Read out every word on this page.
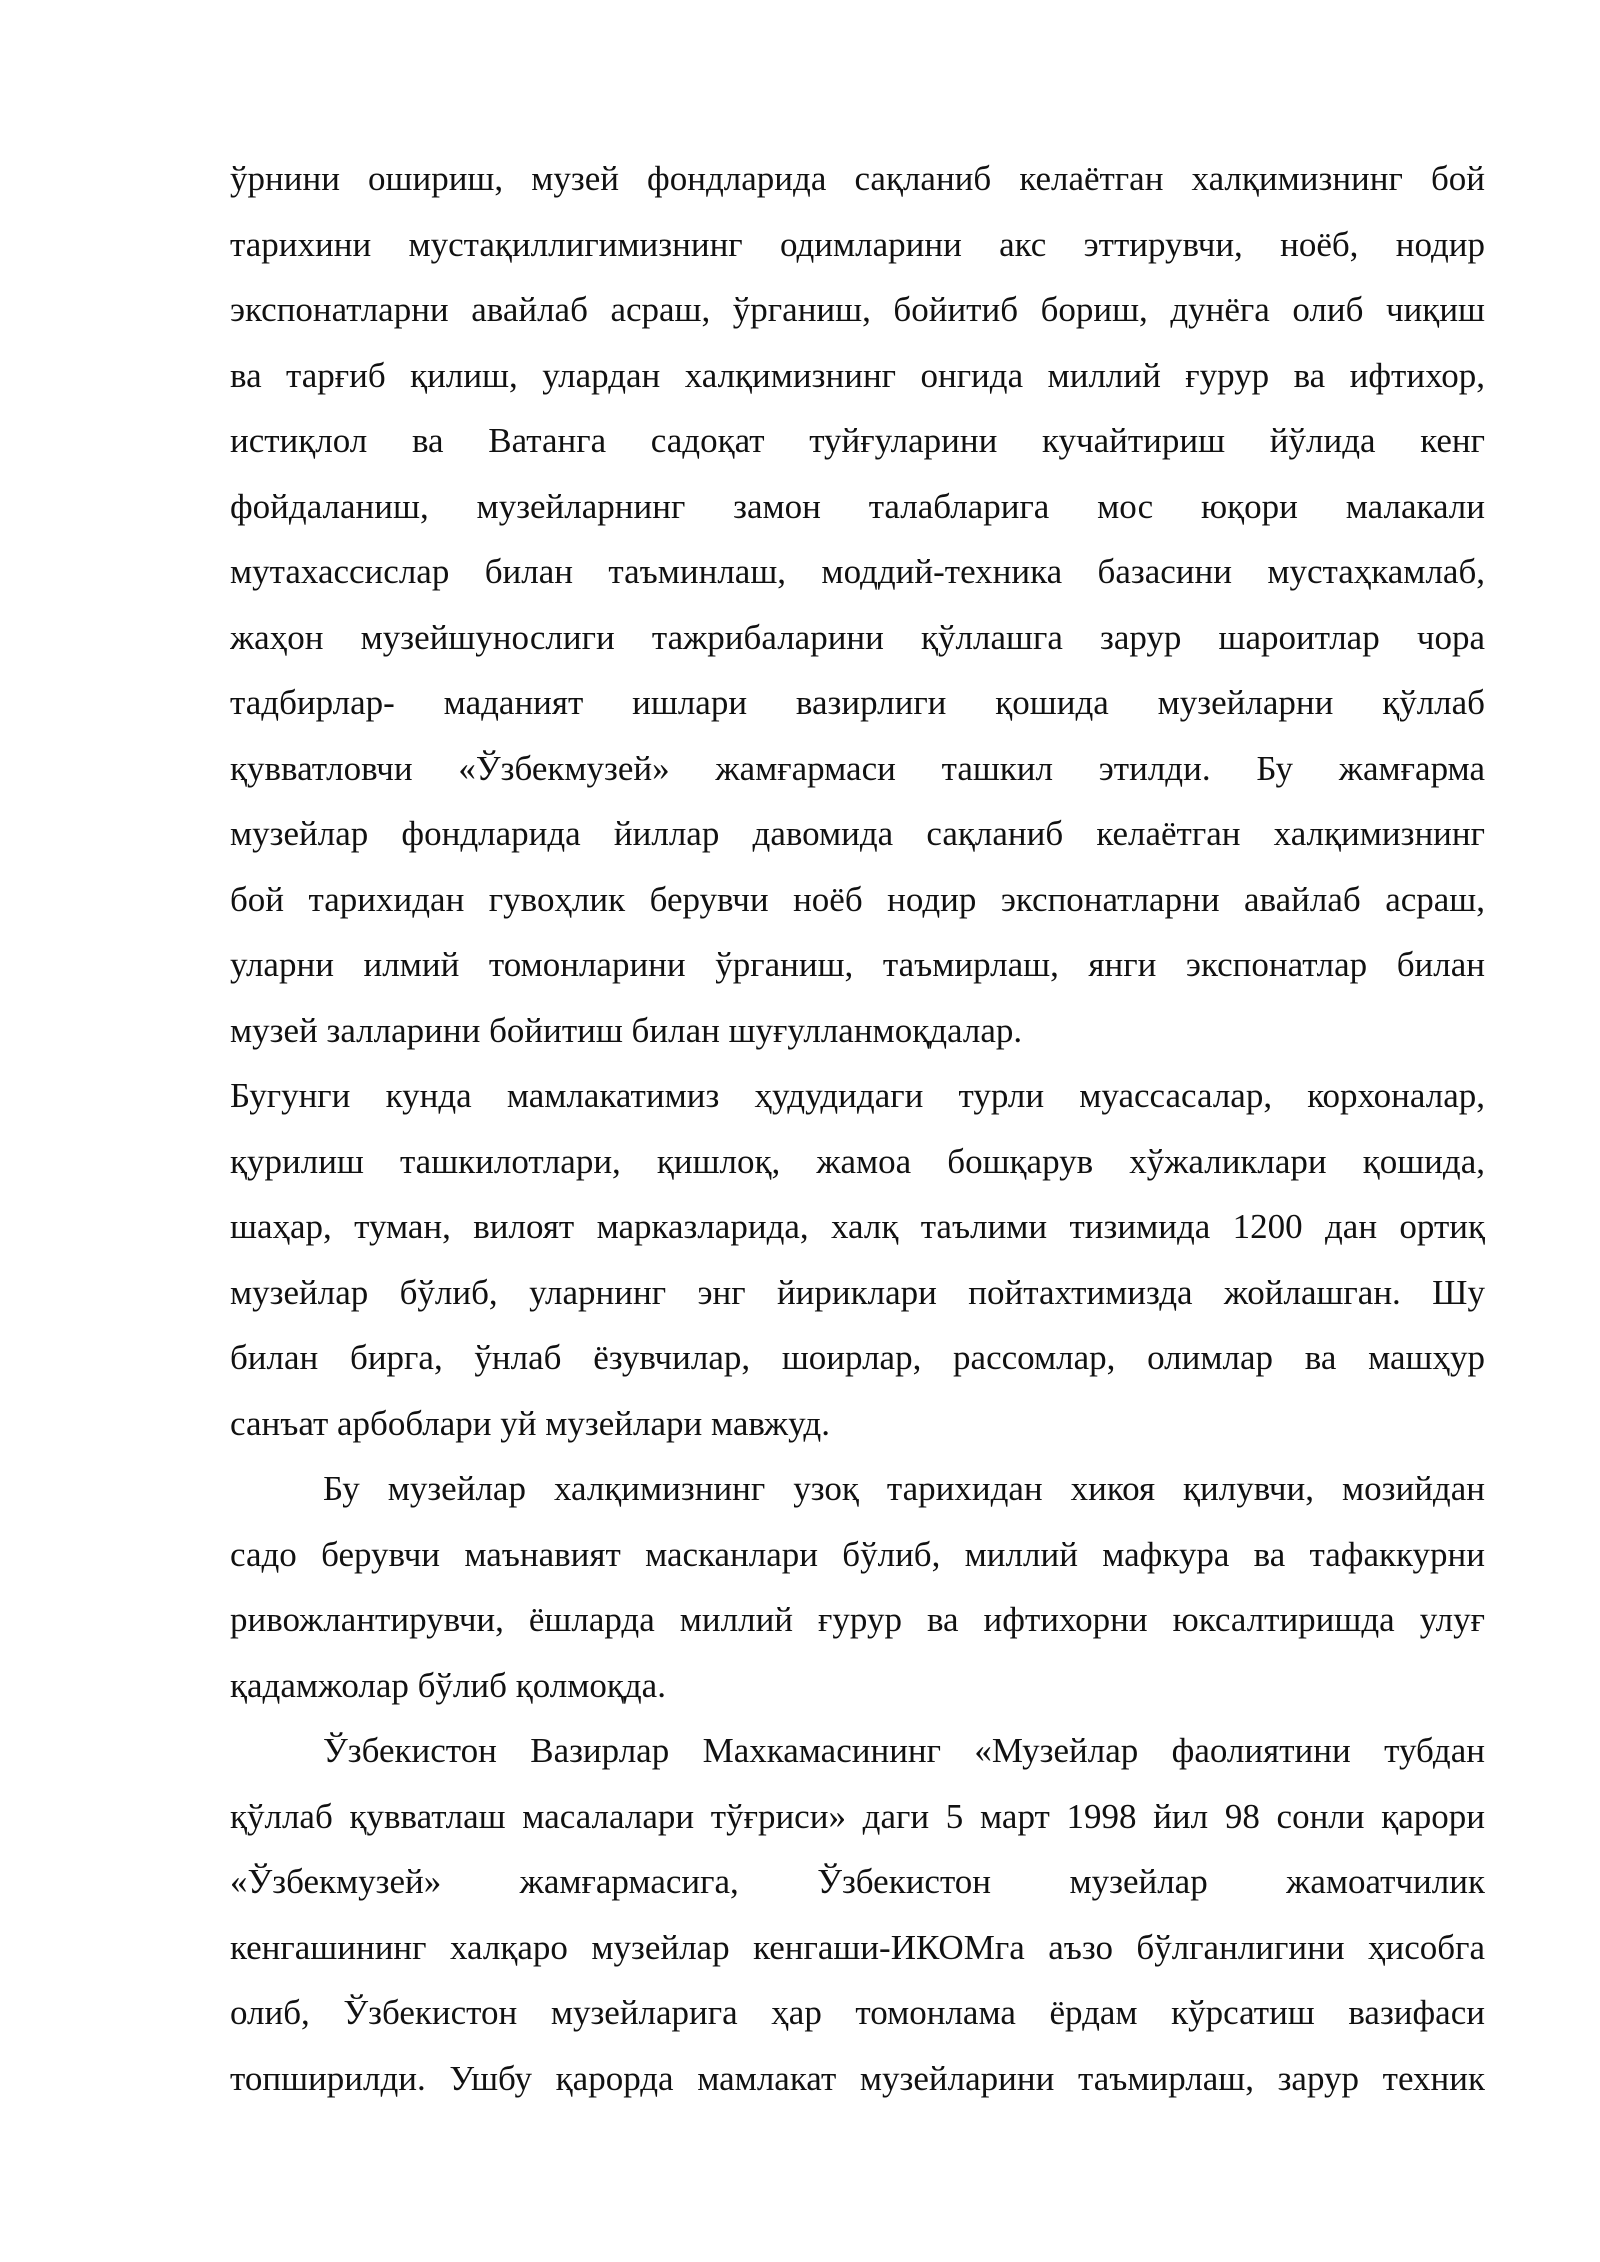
ўрнини ошириш, музей фондларида сақланиб келаётган халқимизнинг бой
тарихини мустақиллигимизнинг одимларини акс эттирувчи, ноёб, нодир
экспонатларни авайлаб асраш, ўрганиш, бойитиб бориш, дунёга олиб чиқиш
ва тарғиб қилиш, улардан халқимизнинг онгида миллий ғурур ва ифтихор,
истиқлол ва Ватанга садоқат туйғуларини кучайтириш йўлида кенг
фойдаланиш, музейларнинг замон талабларига мос юқори малакали
мутахассислар билан таъминлаш, моддий-техника базасини мустаҳкамлаб,
жаҳон музейшунослиги тажрибаларини қўллашга зарур шароитлар чора
тадбирлар- маданият ишлари вазирлиги қошида музейларни қўллаб
қувватловчи «Ўзбекмузей» жамғармаси ташкил этилди. Бу жамғарма
музейлар фондларида йиллар давомида сақланиб келаётган халқимизнинг
бой тарихидан гувоҳлик берувчи ноёб нодир экспонатларни авайлаб асраш,
уларни илмий томонларини ўрганиш, таъмирлаш, янги экспонатлар билан
музей залларини бойитиш билан шуғулланмоқдалар.
Бугунги кунда мамлакатимиз ҳудудидаги турли муассасалар, корхоналар,
қурилиш ташкилотлари, қишлоқ, жамоа бошқарув хўжаликлари қошида,
шаҳар, туман, вилоят марказларида, халқ таълими тизимида 1200 дан ортиқ
музейлар бўлиб, уларнинг энг йириклари пойтахтимизда жойлашган. Шу
билан бирга, ўнлаб ёзувчилар, шоирлар, рассомлар, олимлар ва машҳур
санъат арбоблари уй музейлари мавжуд.
Бу музейлар халқимизнинг узоқ тарихидан хикоя қилувчи, мозийдан
садо берувчи маънавият масканлари бўлиб, миллий мафкура ва тафаккурни
ривожлантирувчи, ёшларда миллий ғурур ва ифтихорни юксалтиришда улуғ
қадамжолар бўлиб қолмоқда.
Ўзбекистон Вазирлар Махкамасининг «Музейлар фаолиятини тубдан
қўллаб қувватлаш масалалари тўғриси» даги 5 март 1998 йил 98 сонли қарори
«Ўзбекмузей» жамғармасига, Ўзбекистон музейлар жамоатчилик
кенгашининг халқаро музейлар кенгаши-ИКОМга аъзо бўлганлигини ҳисобга
олиб, Ўзбекистон музейларига ҳар томонлама ёрдам кўрсатиш вазифаси
топширилди. Ушбу қарорда мамлакат музейларини таъмирлаш, зарур техник
